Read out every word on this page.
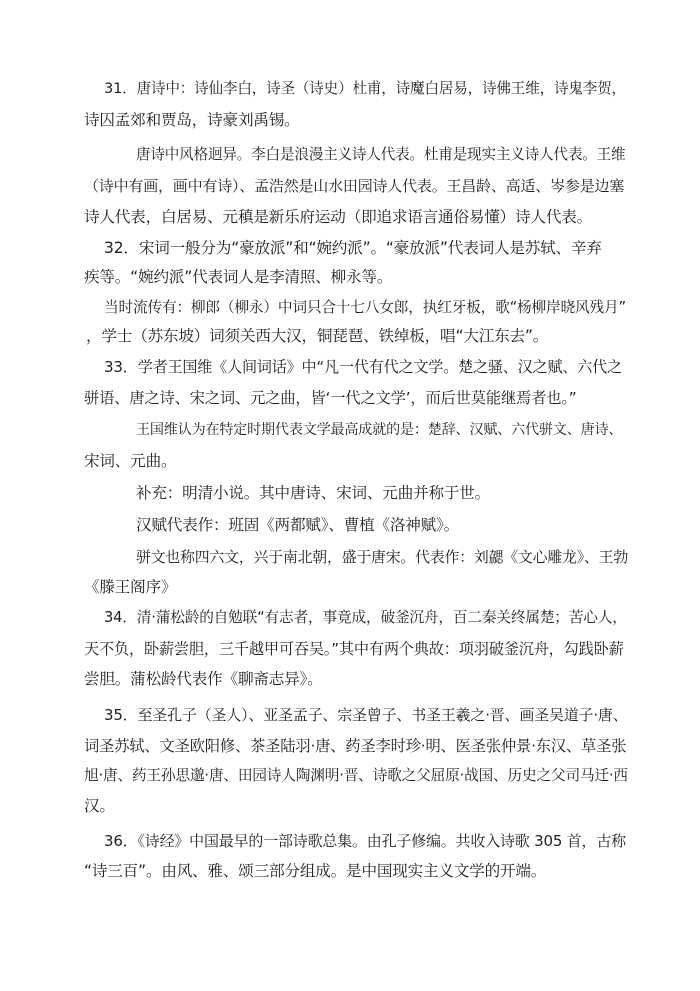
31．唐诗中：诗仙李白，诗圣（诗史）杜甫，诗魔白居易，诗佛王维，诗鬼李贺，
诗囚孟郊和贾岛，诗豪刘禹锡。
唐诗中风格迥异。李白是浪漫主义诗人代表。杜甫是现实主义诗人代表。王维
（诗中有画，画中有诗）、孟浩然是山水田园诗人代表。王昌龄、高适、岑参是边塞
诗人代表，白居易、元稹是新乐府运动（即追求语言通俗易懂）诗人代表。
32．宋词一般分为“豪放派”和“婉约派”。“豪放派”代表词人是苏轼、辛弃
疾等。“婉约派”代表词人是李清照、柳永等。
当时流传有：柳郎（柳永）中词只合十七八女郎，执红牙板，歌“杨柳岸晓风残月”
，学士（苏东坡）词须关西大汉，铜琵琶、铁绰板，唱“大江东去”。
33．学者王国维《人间词话》中“凡一代有代之文学。楚之骚、汉之赋、六代之
骈语、唐之诗、宋之词、元之曲，皆‘一代之文学’，而后世莫能继焉者也。”
王国维认为在特定时期代表文学最高成就的是：楚辞、汉赋、六代骈文、唐诗、
宋词、元曲。
补充：明清小说。其中唐诗、宋词、元曲并称于世。
汉赋代表作：班固《两都赋》、曹植《洛神赋》。
骈文也称四六文，兴于南北朝，盛于唐宋。代表作：刘勰《文心雕龙》、王勃
《滕王阁序》
34．清·蒲松龄的自勉联“有志者，事竟成，破釜沉舟，百二秦关终属楚；苦心人，
天不负，卧薪尝胆，三千越甲可吞吴。”其中有两个典故：项羽破釜沉舟，勾践卧薪
尝胆。蒲松龄代表作《聊斋志异》。
35．至圣孔子（圣人）、亚圣孟子、宗圣曾子、书圣王羲之·晋、画圣吴道子·唐、
词圣苏轼、文圣欧阳修、茶圣陆羽·唐、药圣李时珍·明、医圣张仲景·东汉、草圣张
旭·唐、药王孙思邈·唐、田园诗人陶渊明·晋、诗歌之父屈原·战国、历史之父司马迁·西
汉。
36．《诗经》中国最早的一部诗歌总集。由孔子修编。共收入诗歌 305 首，古称
“诗三百”。由风、雅、颂三部分组成。是中国现实主义文学的开端。
